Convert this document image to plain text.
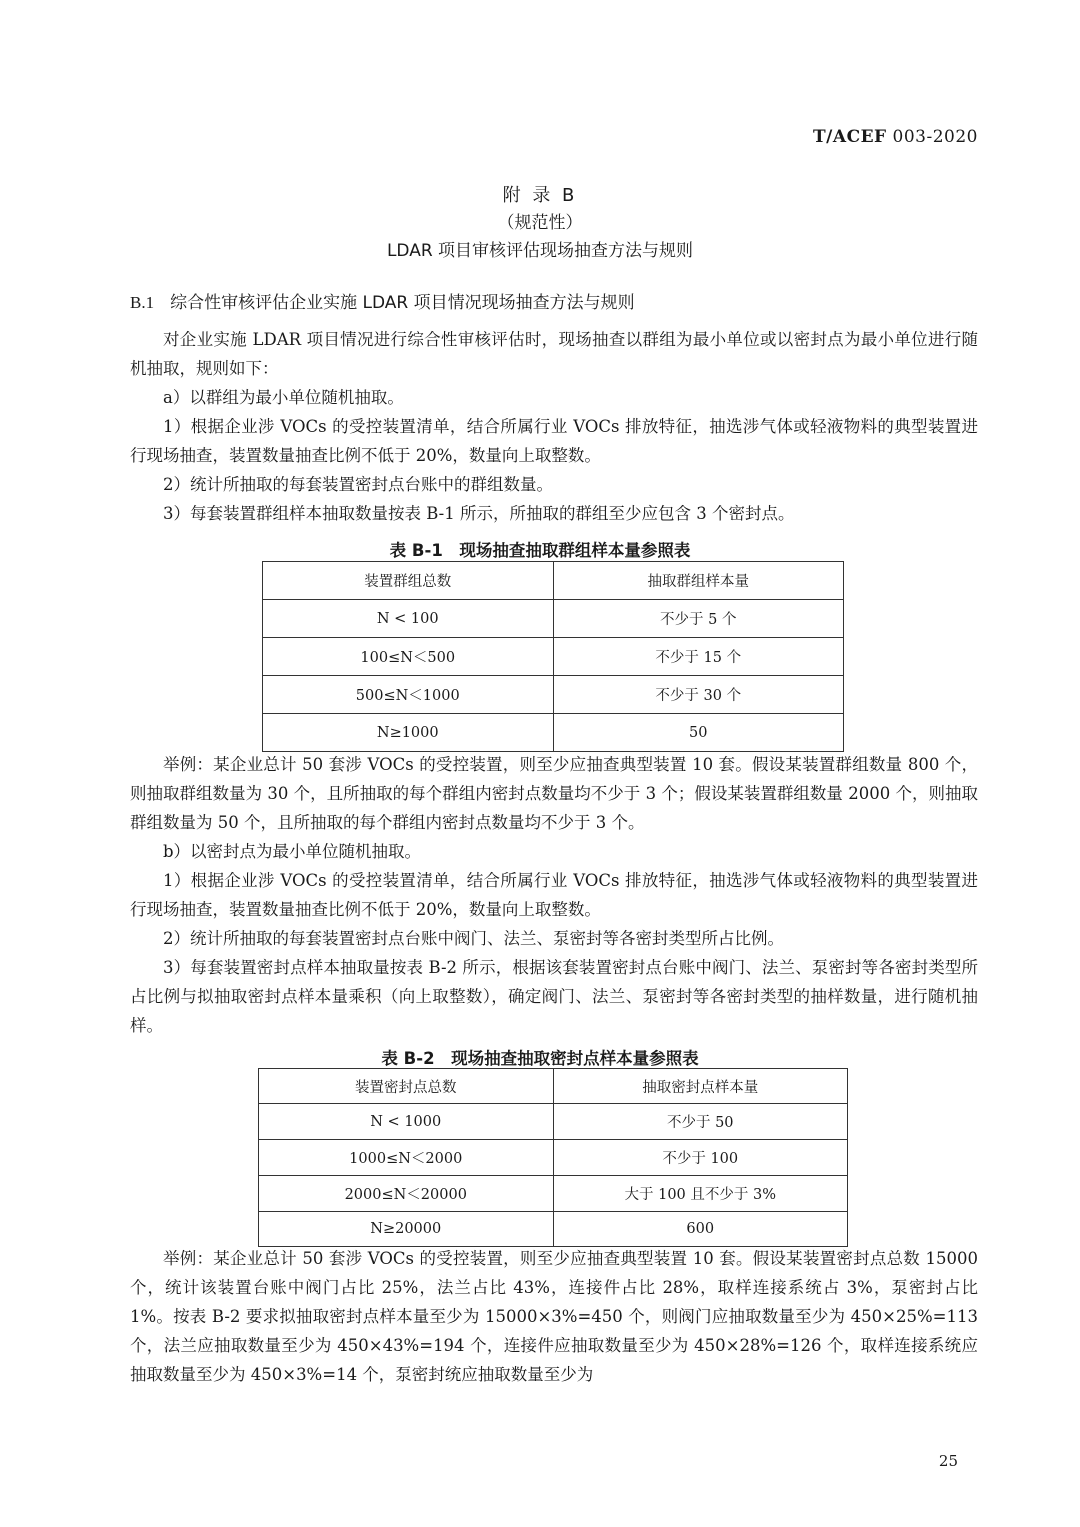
T/ACEF 003-2020
附 录 B
（规范性）
LDAR 项目审核评估现场抽查方法与规则
B.1 综合性审核评估企业实施 LDAR 项目情况现场抽查方法与规则

对企业实施 LDAR 项目情况进行综合性审核评估时，现场抽查以群组为最小单位或以密封点为最小单位进行随机抽取，规则如下：

a）以群组为最小单位随机抽取。

1）根据企业涉 VOCs 的受控装置清单，结合所属行业 VOCs 排放特征，抽选涉气体或轻液物料的典型装置进行现场抽查，装置数量抽查比例不低于 20%，数量向上取整数。

2）统计所抽取的每套装置密封点台账中的群组数量。

3）每套装置群组样本抽取数量按表 B-1 所示，所抽取的群组至少应包含 3 个密封点。

表 B-1　现场抽查抽取群组样本量参照表
装置群组总数	抽取群组样本量
N < 100	不少于 5 个
100≤N＜500	不少于 15 个
500≤N＜1000	不少于 30 个
N≥1000	50

举例：某企业总计 50 套涉 VOCs 的受控装置，则至少应抽查典型装置 10 套。假设某装置群组数量 800 个，则抽取群组数量为 30 个，且所抽取的每个群组内密封点数量均不少于 3 个；假设某装置群组数量 2000 个，则抽取群组数量为 50 个，且所抽取的每个群组内密封点数量均不少于 3 个。

b）以密封点为最小单位随机抽取。

1）根据企业涉 VOCs 的受控装置清单，结合所属行业 VOCs 排放特征，抽选涉气体或轻液物料的典型装置进行现场抽查，装置数量抽查比例不低于 20%，数量向上取整数。

2）统计所抽取的每套装置密封点台账中阀门、法兰、泵密封等各密封类型所占比例。

3）每套装置密封点样本抽取量按表 B-2 所示，根据该套装置密封点台账中阀门、法兰、泵密封等各密封类型所占比例与拟抽取密封点样本量乘积（向上取整数），确定阀门、法兰、泵密封等各密封类型的抽样数量，进行随机抽样。

表 B-2　现场抽查抽取密封点样本量参照表
装置密封点总数	抽取密封点样本量
N < 1000	不少于 50
1000≤N＜2000	不少于 100
2000≤N＜20000	大于 100 且不少于 3%
N≥20000	600

举例：某企业总计 50 套涉 VOCs 的受控装置，则至少应抽查典型装置 10 套。假设某装置密封点总数 15000 个，统计该装置台账中阀门占比 25%，法兰占比 43%，连接件占比 28%，取样连接系统占 3%，泵密封占比 1%。按表 B-2 要求拟抽取密封点样本量至少为 15000×3%=450 个，则阀门应抽取数量至少为 450×25%=113 个，法兰应抽取数量至少为 450×43%=194 个，连接件应抽取数量至少为 450×28%=126 个，取样连接系统应抽取数量至少为 450×3%=14 个，泵密封统应抽取数量至少为

25
